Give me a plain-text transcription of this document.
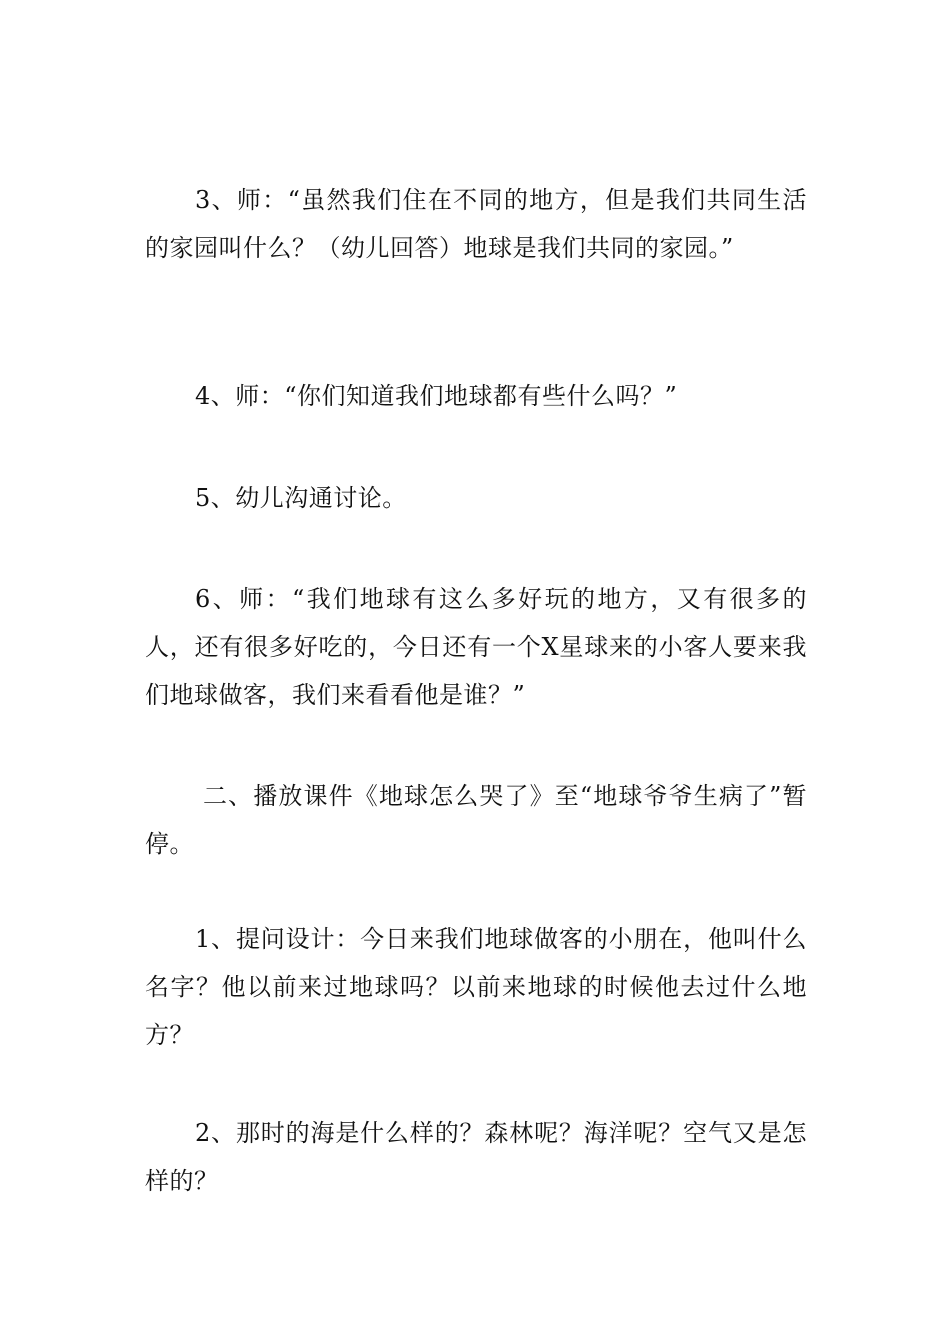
3、师：“虽然我们住在不同的地方，但是我们共同生活的家园叫什么？（幼儿回答）地球是我们共同的家园。”

4、师：“你们知道我们地球都有些什么吗？”

5、幼儿沟通讨论。

6、师：“我们地球有这么多好玩的地方，又有很多的人，还有很多好吃的，今日还有一个X星球来的小客人要来我们地球做客，我们来看看他是谁？”

二、播放课件《地球怎么哭了》至“地球爷爷生病了”暂停。

1、提问设计：今日来我们地球做客的小朋在，他叫什么名字？他以前来过地球吗？以前来地球的时候他去过什么地方？

2、那时的海是什么样的？森林呢？海洋呢？空气又是怎样的？
